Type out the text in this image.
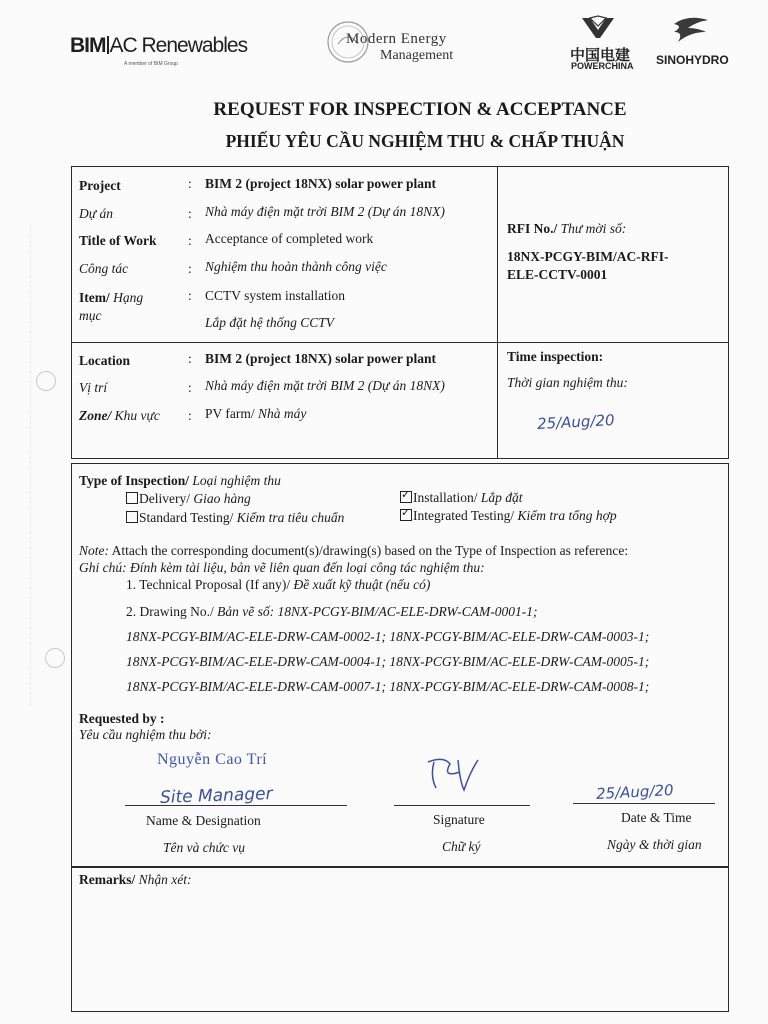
BIM AC Renewables
A member of BIM Group
Modern Energy
Management	中国电建
POWERCHINA SINOHYDRO
REQUEST FOR INSPECTION & ACCEPTANCE
PHIẾU YÊU CẦU NGHIỆM THU & CHẤP THUẬN
Project	: BIM 2 (project 18NX) solar power plant
Dự án	: Nhà máy điện mặt trời BIM 2 (Dự án 18NX)
Title of Work : Acceptance of completed work
Công tác	: Nghiệm thu hoàn thành công việc
Item/ Hạng
mục
: CCTV system installation
Lắp đặt hệ thống CCTV
RFI No./ Thư mời số:
18NX-PCGY-BIM/AC-RFI-
ELE-CCTV-0001
Location	: BIM 2 (project 18NX) solar power plant
Vị trí	: Nhà máy điện mặt trời BIM 2 (Dự án 18NX)
Zone/ Khu vực : PV farm/ Nhà máy
Time inspection:
Thời gian nghiệm thu:
25/Aug/20
Type of Inspection/ Loại nghiệm thu
Delivery/ Giao hàng
Standard Testing/ Kiểm tra tiêu chuẩn
✓Installation/ Lắp đặt
✓Integrated Testing/ Kiểm tra tổng hợp
Note: Attach the corresponding document(s)/drawing(s) based on the Type of Inspection as reference:
Ghi chú: Đính kèm tài liệu, bản vẽ liên quan đến loại công tác nghiệm thu:
1. Technical Proposal (If any)/ Đề xuất kỹ thuật (nếu có)
2. Drawing No./ Bản vẽ số: 18NX-PCGY-BIM/AC-ELE-DRW-CAM-0001-1;
18NX-PCGY-BIM/AC-ELE-DRW-CAM-0002-1; 18NX-PCGY-BIM/AC-ELE-DRW-CAM-0003-1;
18NX-PCGY-BIM/AC-ELE-DRW-CAM-0004-1; 18NX-PCGY-BIM/AC-ELE-DRW-CAM-0005-1;
18NX-PCGY-BIM/AC-ELE-DRW-CAM-0007-1; 18NX-PCGY-BIM/AC-ELE-DRW-CAM-0008-1;
Requested by :
Yêu cầu nghiệm thu bởi:
Nguyễn Cao Trí
Site Manager	25/Aug/20
Name & Designation
Tên và chức vụ
Signature
Chữ ký
Date & Time
Ngày & thời gian
Remarks/ Nhận xét:
